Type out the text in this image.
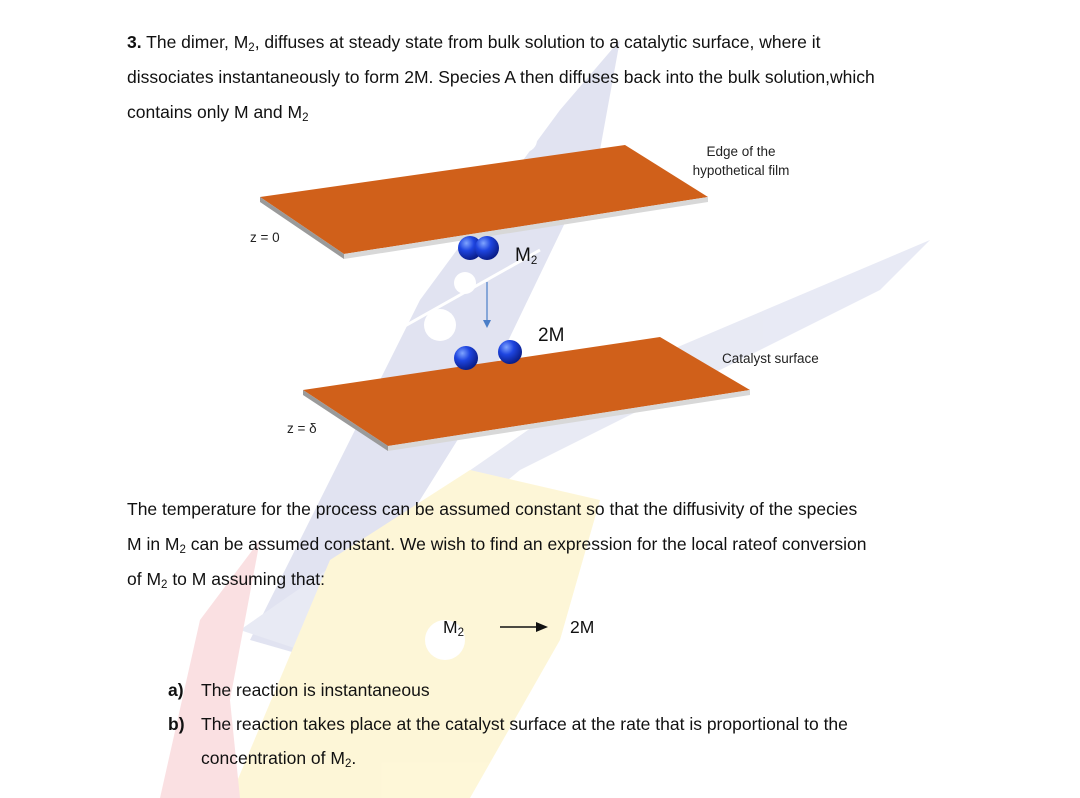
3. The dimer, $M_2$, diffuses at steady state from bulk solution to a catalytic surface, where it
dissociates instantaneously to form 2M. Species A then diffuses back into the bulk solution,which
contains only M and $M_2$
Edge of the
hypothetical film
z = 0
$M_2$
2M
Catalyst surface
z = δ
The temperature for the process can be assumed constant so that the diffusivity of the species
M in $M_2$ can be assumed constant. We wish to find an expression for the local rateof conversion
of $M_2$ to M assuming that:
$M_2 \to 2M$
a) The reaction is instantaneous
b) The reaction takes place at the catalyst surface at the rate that is proportional to the
concentration of $M_2$.
